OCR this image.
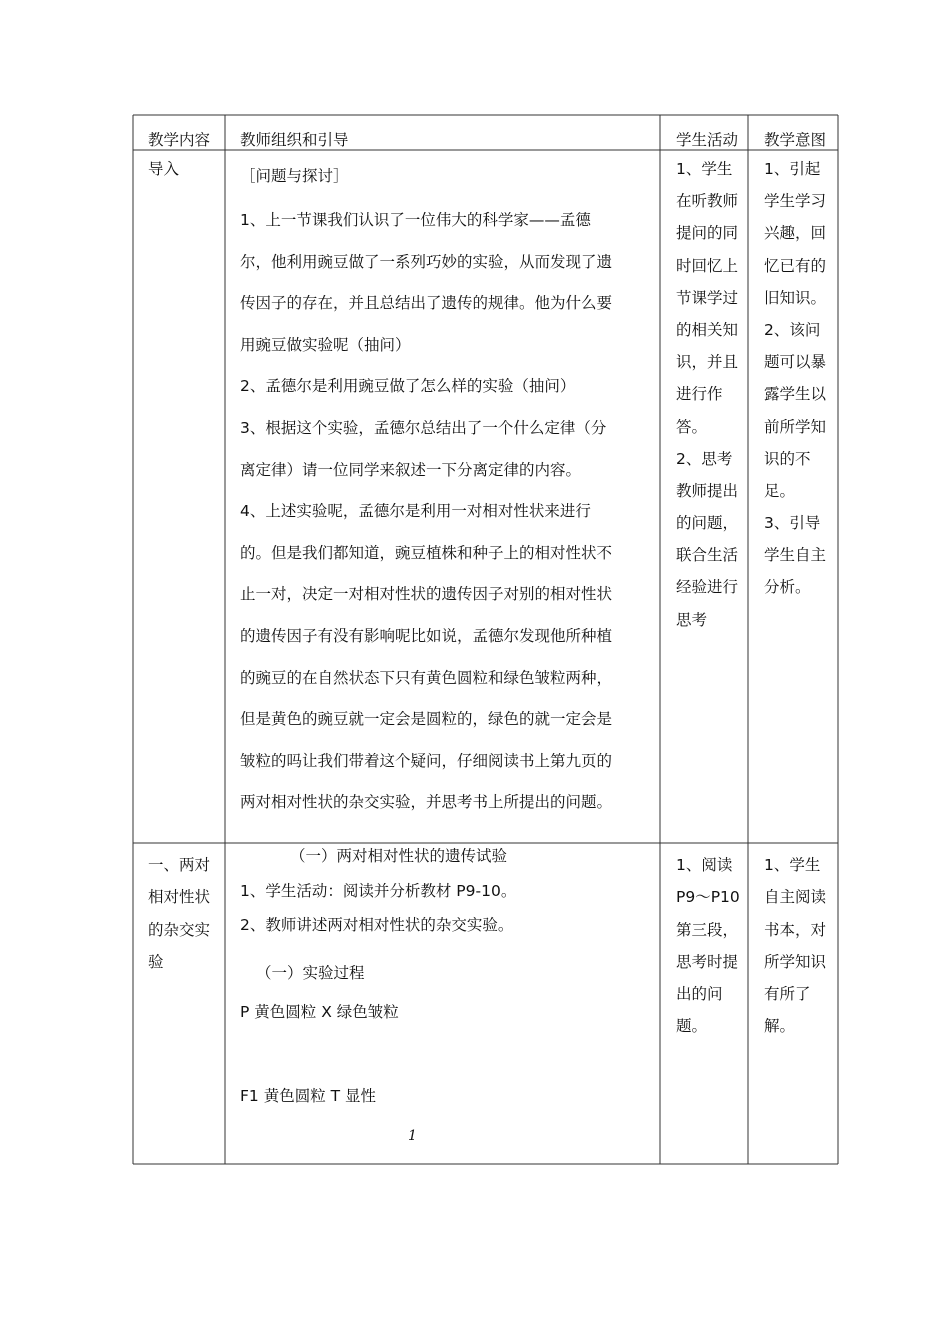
教学内容 教师组织和引导	学生活动 教学意图
导入	［问题与探讨］
1、上一节课我们认识了一位伟大的科学家——孟德
尔，他利用豌豆做了一系列巧妙的实验，从而发现了遗
传因子的存在，并且总结出了遗传的规律。他为什么要
用豌豆做实验呢（抽问）
2、孟德尔是利用豌豆做了怎么样的实验（抽问）
3、根据这个实验，孟德尔总结出了一个什么定律（分
离定律）请一位同学来叙述一下分离定律的内容。
4、上述实验呢，孟德尔是利用一对相对性状来进行
的。但是我们都知道，豌豆植株和种子上的相对性状不
止一对，决定一对相对性状的遗传因子对别的相对性状
的遗传因子有没有影响呢比如说，孟德尔发现他所种植
的豌豆的在自然状态下只有黄色圆粒和绿色皱粒两种，
但是黄色的豌豆就一定会是圆粒的，绿色的就一定会是
皱粒的吗让我们带着这个疑问，仔细阅读书上第九页的
两对相对性状的杂交实验，并思考书上所提出的问题。
1、学生
在听教师
提问的同
时回忆上
节课学过
的相关知
识，并且
进行作
答。
2、思考
教师提出
的问题，
联合生活
经验进行
思考
1、引起
学生学习
兴趣，回
忆已有的
旧知识。
2、该问
题可以暴
露学生以
前所学知
识的不
足。
3、引导
学生自主
分析。
一、两对
相对性状
的杂交实
验
（一）两对相对性状的遗传试验
1、学生活动：阅读并分析教材 P9-10。
2、教师讲述两对相对性状的杂交实验。
（一）实验过程
P 黄色圆粒 X 绿色皱粒
F1 黄色圆粒 T 显性
1、阅读
P9～P10
第三段，
思考时提
出的问
题。
1、学生
自主阅读
书本，对
所学知识
有所了
解。
1
